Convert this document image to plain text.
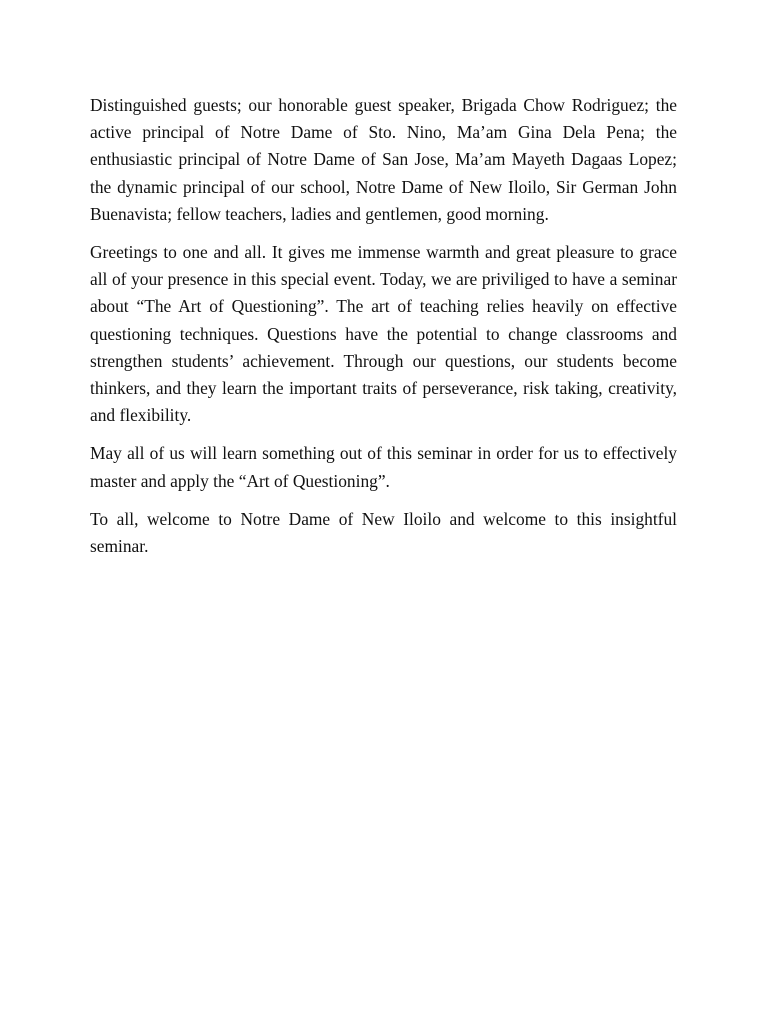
Distinguished guests; our honorable guest speaker, Brigada Chow Rodriguez; the active principal of Notre Dame of Sto. Nino, Ma’am Gina Dela Pena; the enthusiastic principal of Notre Dame of San Jose, Ma’am Mayeth Dagaas Lopez; the dynamic principal of our school, Notre Dame of New Iloilo, Sir German John Buenavista; fellow teachers, ladies and gentlemen, good morning.

Greetings to one and all. It gives me immense warmth and great pleasure to grace all of your presence in this special event. Today, we are priviliged to have a seminar about “The Art of Questioning”. The art of teaching relies heavily on effective questioning techniques. Questions have the potential to change classrooms and strengthen students’ achievement. Through our questions, our students become thinkers, and they learn the important traits of perseverance, risk taking, creativity, and flexibility.

May all of us will learn something out of this seminar in order for us to effectively master and apply the “Art of Questioning”.

To all, welcome to Notre Dame of New Iloilo and welcome to this insightful seminar.
